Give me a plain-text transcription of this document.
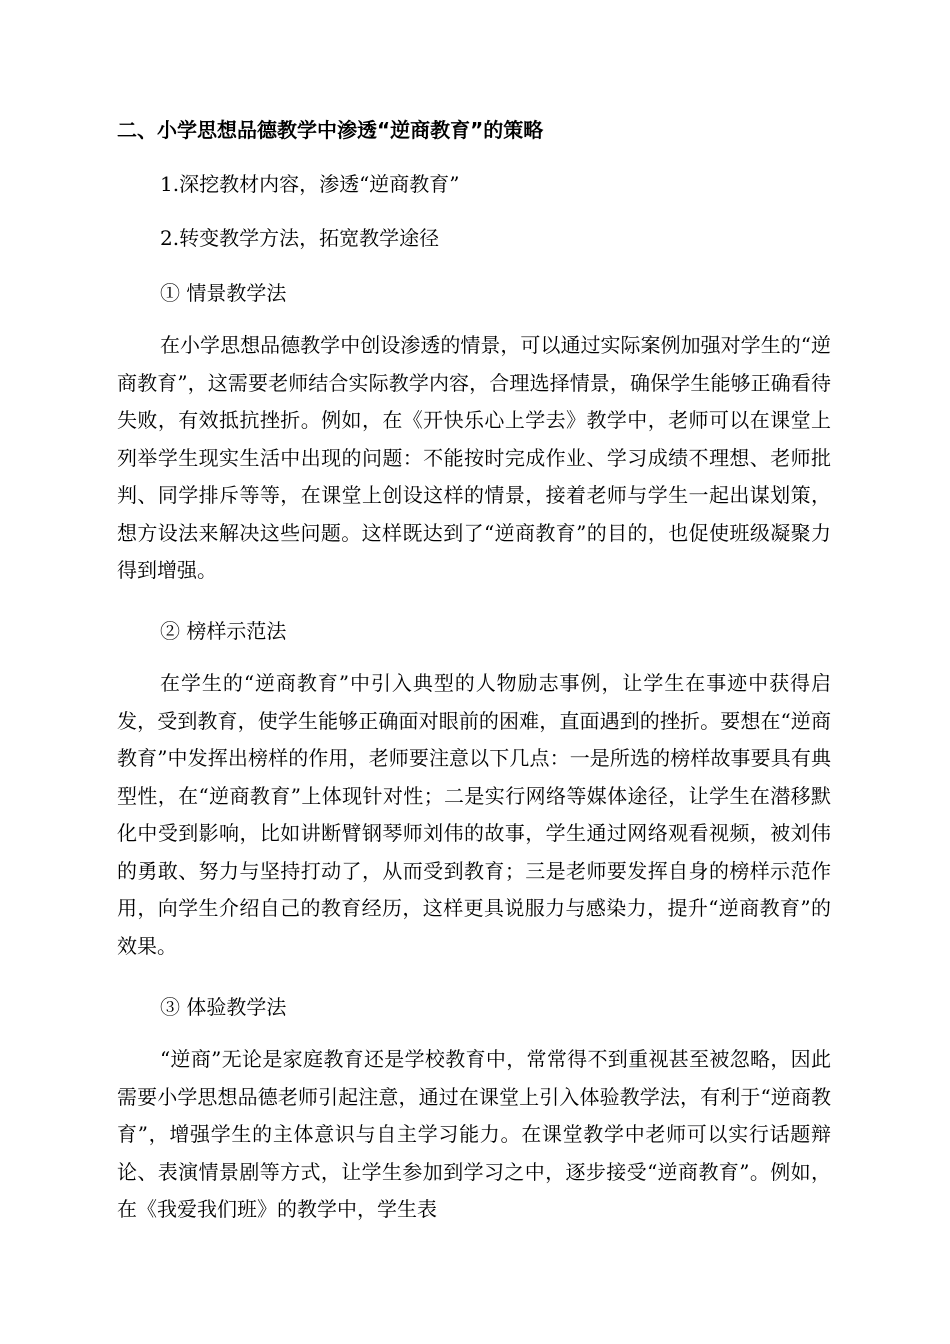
二、小学思想品德教学中渗透“逆商教育”的策略
1.深挖教材内容，渗透“逆商教育”
2.转变教学方法，拓宽教学途径
① 情景教学法

在小学思想品德教学中创设渗透的情景，可以通过实际案例加强对学生的“逆商教育”，这需要老师结合实际教学内容，合理选择情景，确保学生能够正确看待失败，有效抵抗挫折。例如，在《开快乐心上学去》教学中，老师可以在课堂上列举学生现实生活中出现的问题：不能按时完成作业、学习成绩不理想、老师批判、同学排斥等等，在课堂上创设这样的情景，接着老师与学生一起出谋划策，想方设法来解决这些问题。这样既达到了“逆商教育”的目的，也促使班级凝聚力得到增强。

② 榜样示范法

在学生的“逆商教育”中引入典型的人物励志事例，让学生在事迹中获得启发，受到教育，使学生能够正确面对眼前的困难，直面遇到的挫折。要想在“逆商教育”中发挥出榜样的作用，老师要注意以下几点：一是所选的榜样故事要具有典型性，在“逆商教育”上体现针对性；二是实行网络等媒体途径，让学生在潜移默化中受到影响，比如讲断臂钢琴师刘伟的故事，学生通过网络观看视频，被刘伟的勇敢、努力与坚持打动了，从而受到教育；三是老师要发挥自身的榜样示范作用，向学生介绍自己的教育经历，这样更具说服力与感染力，提升“逆商教育”的效果。

③ 体验教学法

“逆商”无论是家庭教育还是学校教育中，常常得不到重视甚至被忽略，因此需要小学思想品德老师引起注意，通过在课堂上引入体验教学法，有利于“逆商教育”，增强学生的主体意识与自主学习能力。在课堂教学中老师可以实行话题辩论、表演情景剧等方式，让学生参加到学习之中，逐步接受“逆商教育”。例如，在《我爱我们班》的教学中，学生表
